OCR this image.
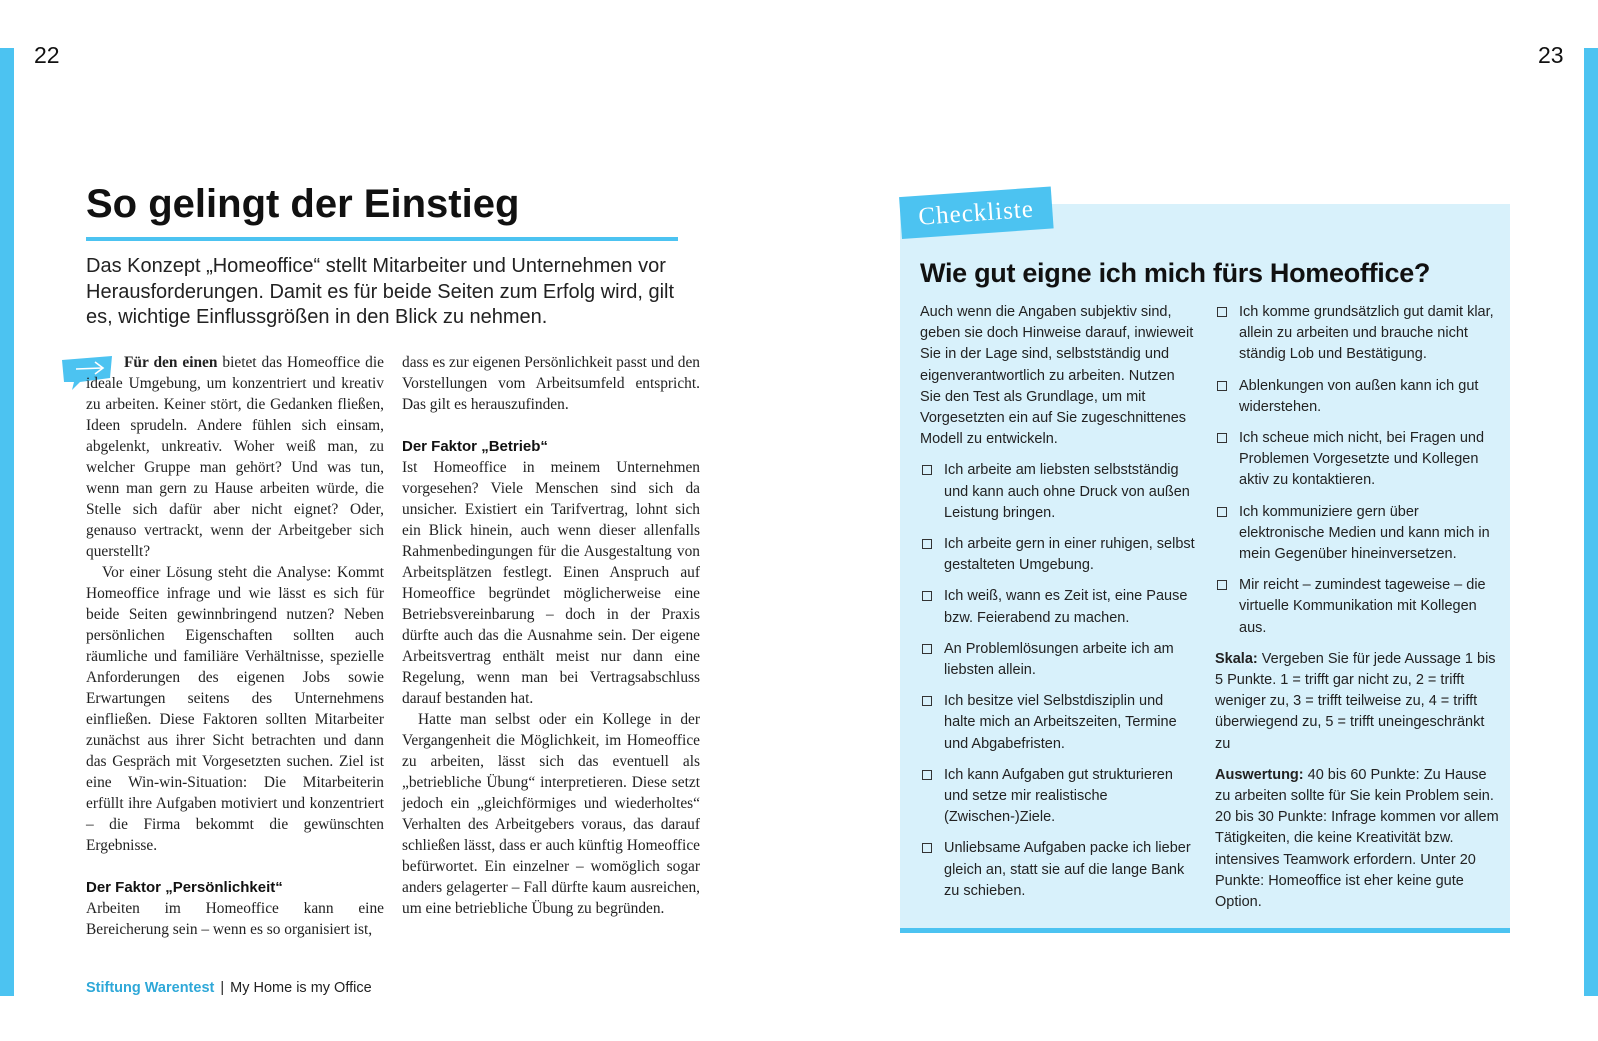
22	23
So gelingt der Einstieg

Das Konzept „Homeoffice“ stellt Mitarbeiter und Unternehmen vor Herausforderungen. Damit es für beide Seiten zum Erfolg wird, gilt es, wichtige Einflussgrößen in den Blick zu nehmen.

Für den einen bietet das Homeoffice die ideale Umgebung, um konzentriert und kreativ zu arbeiten. Keiner stört, die Gedanken fließen, Ideen sprudeln. Andere fühlen sich einsam, abgelenkt, unkreativ. Woher weiß man, zu welcher Gruppe man gehört? Und was tun, wenn man gern zu Hause arbeiten würde, die Stelle sich dafür aber nicht eignet? Oder, genauso vertrackt, wenn der Arbeitgeber sich querstellt?

Vor einer Lösung steht die Analyse: Kommt Homeoffice infrage und wie lässt es sich für beide Seiten gewinnbringend nutzen? Neben persönlichen Eigenschaften sollten auch räumliche und familiäre Verhältnisse, spezielle Anforderungen des eigenen Jobs sowie Erwartungen seitens des Unternehmens einfließen. Diese Faktoren sollten Mitarbeiter zunächst aus ihrer Sicht betrachten und dann das Gespräch mit Vorgesetzten suchen. Ziel ist eine Win-win-Situation: Die Mitarbeiterin erfüllt ihre Aufgaben motiviert und konzentriert – die Firma bekommt die gewünschten Ergebnisse.

Der Faktor „Persönlichkeit“

Arbeiten im Homeoffice kann eine Bereicherung sein – wenn es so organisiert ist,

dass es zur eigenen Persönlichkeit passt und den Vorstellungen vom Arbeitsumfeld entspricht. Das gilt es herauszufinden.

Der Faktor „Betrieb“

Ist Homeoffice in meinem Unternehmen vorgesehen? Viele Menschen sind sich da unsicher. Existiert ein Tarifvertrag, lohnt sich ein Blick hinein, auch wenn dieser allenfalls Rahmenbedingungen für die Ausgestaltung von Arbeitsplätzen festlegt. Einen Anspruch auf Homeoffice begründet möglicherweise eine Betriebsvereinbarung – doch in der Praxis dürfte auch das die Ausnahme sein. Der eigene Arbeitsvertrag enthält meist nur dann eine Regelung, wenn man bei Vertragsabschluss darauf bestanden hat.

Hatte man selbst oder ein Kollege in der Vergangenheit die Möglichkeit, im Homeoffice zu arbeiten, lässt sich das eventuell als „betriebliche Übung“ interpretieren. Diese setzt jedoch ein „gleichförmiges und wiederholtes“ Verhalten des Arbeitgebers voraus, das darauf schließen lässt, dass er auch künftig Homeoffice befürwortet. Ein einzelner – womöglich sogar anders gelagerter – Fall dürfte kaum ausreichen, um eine betriebliche Übung zu begründen.

Stiftung Warentest | My Home is my Office
Checkliste
Wie gut eigne ich mich fürs Homeoffice?

Auch wenn die Angaben subjektiv sind, geben sie doch Hinweise darauf, inwieweit Sie in der Lage sind, selbstständig und eigenverantwortlich zu arbeiten. Nutzen Sie den Test als Grundlage, um mit Vorgesetzten ein auf Sie zugeschnittenes Modell zu entwickeln.

Ich arbeite am liebsten selbstständig und kann auch ohne Druck von außen Leistung bringen.
Ich arbeite gern in einer ruhigen, selbst gestalteten Umgebung.
Ich weiß, wann es Zeit ist, eine Pause bzw. Feierabend zu machen.
An Problemlösungen arbeite ich am liebsten allein.
Ich besitze viel Selbstdisziplin und halte mich an Arbeitszeiten, Termine und Abgabefristen.
Ich kann Aufgaben gut strukturieren und setze mir realistische (Zwischen-)Ziele.
Unliebsame Aufgaben packe ich lieber gleich an, statt sie auf die lange Bank zu schieben.
Ich komme grundsätzlich gut damit klar, allein zu arbeiten und brauche nicht ständig Lob und Bestätigung.
Ablenkungen von außen kann ich gut widerstehen.
Ich scheue mich nicht, bei Fragen und Problemen Vorgesetzte und Kollegen aktiv zu kontaktieren.
Ich kommuniziere gern über elektronische Medien und kann mich in mein Gegenüber hineinversetzen.
Mir reicht – zumindest tageweise – die virtuelle Kommunikation mit Kollegen aus.

Skala: Vergeben Sie für jede Aussage 1 bis 5 Punkte. 1 = trifft gar nicht zu, 2 = trifft weniger zu, 3 = trifft teilweise zu, 4 = trifft überwiegend zu, 5 = trifft uneingeschränkt zu

Auswertung: 40 bis 60 Punkte: Zu Hause zu arbeiten sollte für Sie kein Problem sein. 20 bis 30 Punkte: Infrage kommen vor allem Tätigkeiten, die keine Kreativität bzw. intensives Teamwork erfordern. Unter 20 Punkte: Homeoffice ist eher keine gute Option.
